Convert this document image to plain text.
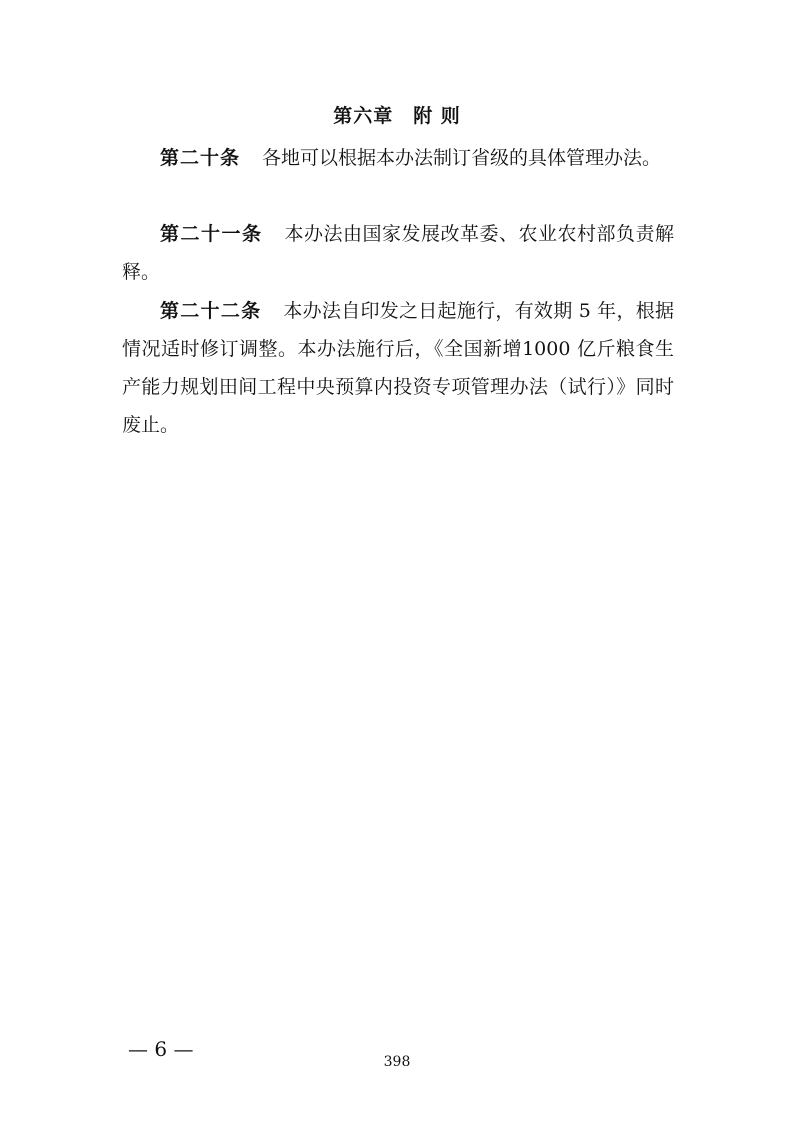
第六章　附 则

第二十条 各地可以根据本办法制订省级的具体管理办法。

第二十一条 本办法由国家发展改革委、农业农村部负责解释。

第二十二条 本办法自印发之日起施行，有效期 5 年，根据情况适时修订调整。本办法施行后，《全国新增1000 亿斤粮食生产能力规划田间工程中央预算内投资专项管理办法（试行）》同时废止。

— 6 —

398
